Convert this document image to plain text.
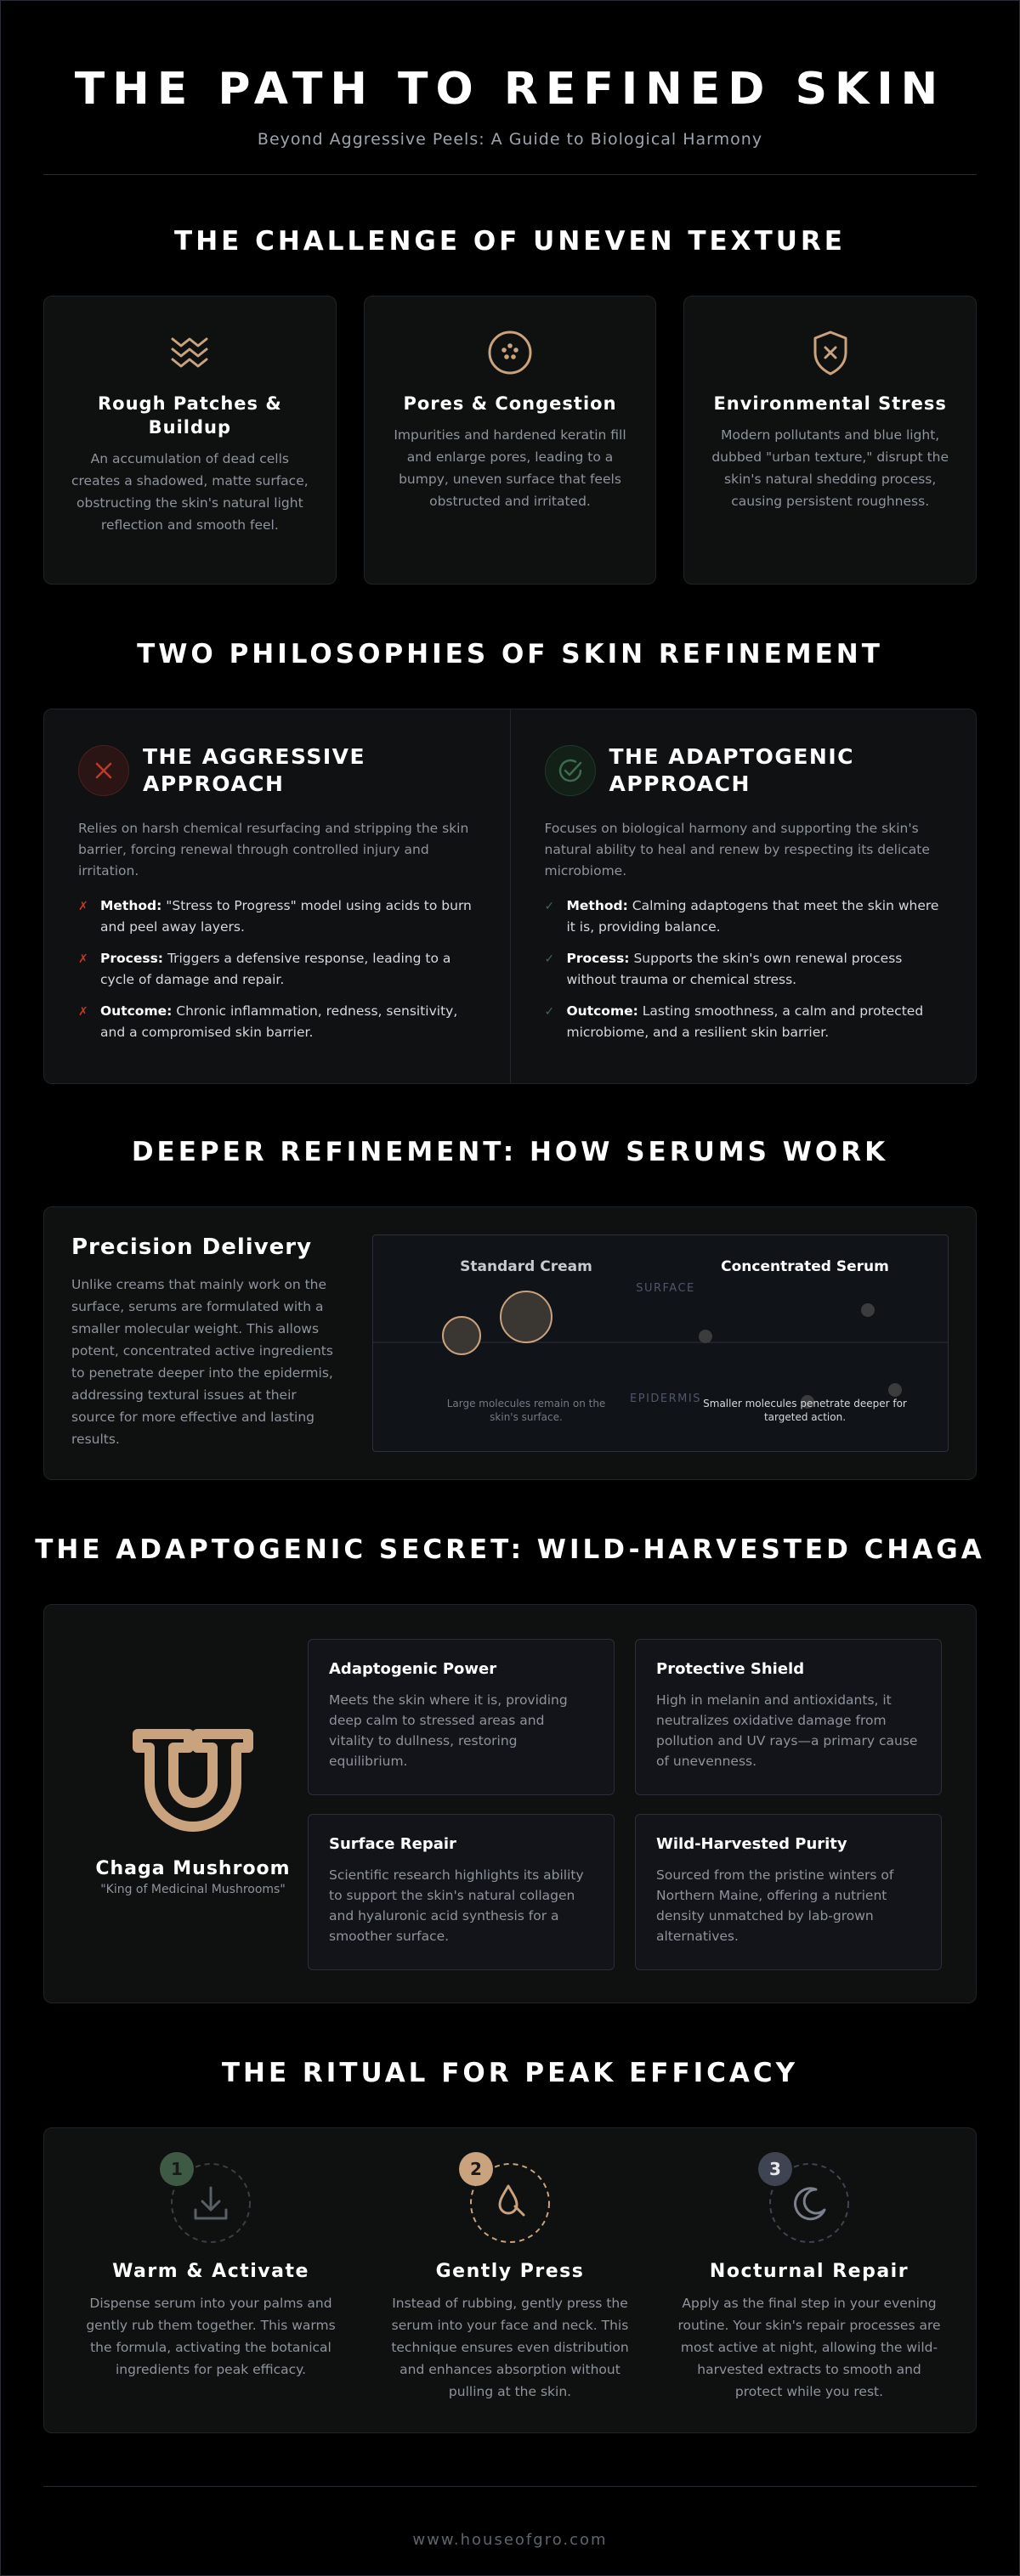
THE PATH TO REFINED SKIN
Beyond Aggressive Peels: A Guide to Biological Harmony
THE CHALLENGE OF UNEVEN TEXTURE
Rough Patches & Buildup

An accumulation of dead cells creates a shadowed, matte surface, obstructing the skin's natural light reflection and smooth feel.

Pores & Congestion

Impurities and hardened keratin fill and enlarge pores, leading to a bumpy, uneven surface that feels obstructed and irritated.

Environmental Stress

Modern pollutants and blue light, dubbed "urban texture," disrupt the skin's natural shedding process, causing persistent roughness.

TWO PHILOSOPHIES OF SKIN REFINEMENT
THE AGGRESSIVE APPROACH

Relies on harsh chemical resurfacing and stripping the skin barrier, forcing renewal through controlled injury and irritation.

✗ Method: "Stress to Progress" model using acids to burn and peel away layers.
✗ Process: Triggers a defensive response, leading to a cycle of damage and repair.
✗ Outcome: Chronic inflammation, redness, sensitivity, and a compromised skin barrier.
THE ADAPTOGENIC APPROACH

Focuses on biological harmony and supporting the skin's natural ability to heal and renew by respecting its delicate microbiome.

✓ Method: Calming adaptogens that meet the skin where it is, providing balance.
✓ Process: Supports the skin's own renewal process without trauma or chemical stress.
✓ Outcome: Lasting smoothness, a calm and protected microbiome, and a resilient skin barrier.
DEEPER REFINEMENT: HOW SERUMS WORK
Precision Delivery

Unlike creams that mainly work on the surface, serums are formulated with a smaller molecular weight. This allows potent, concentrated active ingredients to penetrate deeper into the epidermis, addressing textural issues at their source for more effective and lasting results.

Standard Cream	Concentrated Serum
SURFACE
EPIDERMIS
Large molecules remain on the skin's surface.
Smaller molecules penetrate deeper for targeted action.
THE ADAPTOGENIC SECRET: WILD-HARVESTED CHAGA
Chaga Mushroom
"King of Medicinal Mushrooms"
Adaptogenic Power

Meets the skin where it is, providing deep calm to stressed areas and vitality to dullness, restoring equilibrium.

Protective Shield

High in melanin and antioxidants, it neutralizes oxidative damage from pollution and UV rays—a primary cause of unevenness.

Surface Repair

Scientific research highlights its ability to support the skin's natural collagen and hyaluronic acid synthesis for a smoother surface.

Wild-Harvested Purity

Sourced from the pristine winters of Northern Maine, offering a nutrient density unmatched by lab-grown alternatives.

THE RITUAL FOR PEAK EFFICACY
1
Warm & Activate

Dispense serum into your palms and gently rub them together. This warms the formula, activating the botanical ingredients for peak efficacy.

2
Gently Press

Instead of rubbing, gently press the serum into your face and neck. This technique ensures even distribution and enhances absorption without pulling at the skin.

3
Nocturnal Repair

Apply as the final step in your evening routine. Your skin's repair processes are most active at night, allowing the wild-harvested extracts to smooth and protect while you rest.

www.houseofgro.com
